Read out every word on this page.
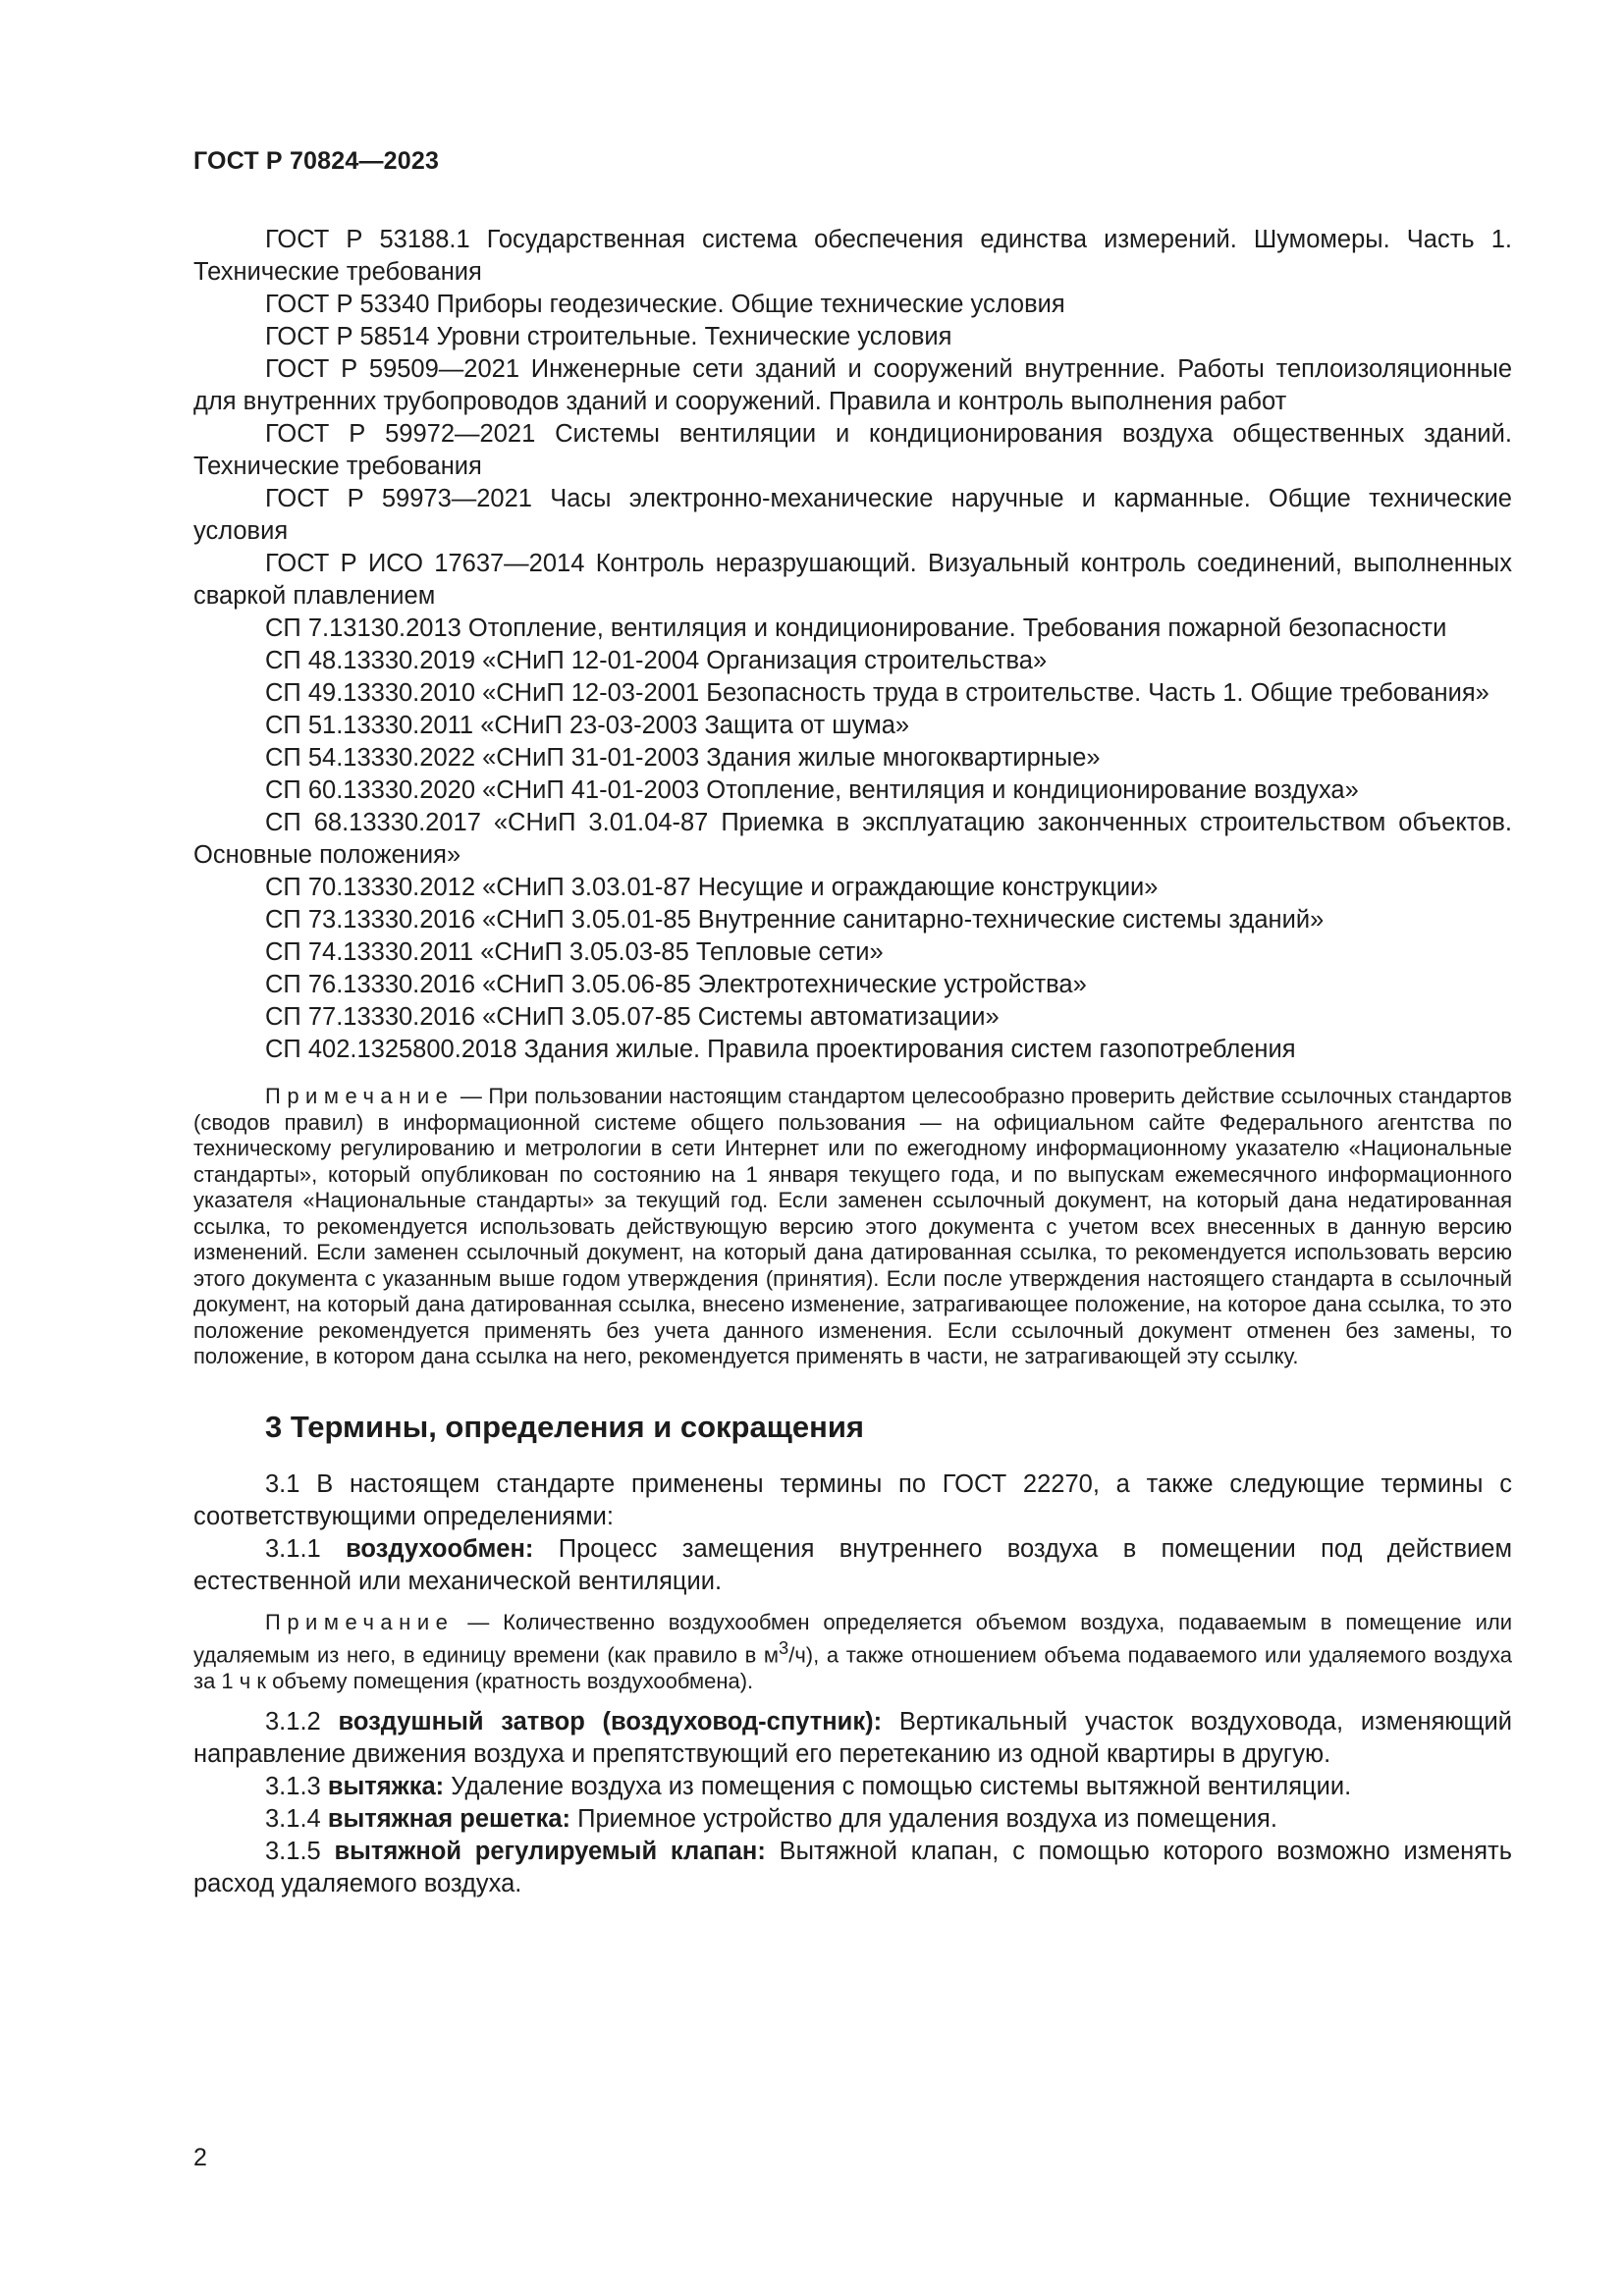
ГОСТ Р 70824—2023

ГОСТ Р 53188.1 Государственная система обеспечения единства измерений. Шумомеры. Часть 1. Технические требования

ГОСТ Р 53340 Приборы геодезические. Общие технические условия

ГОСТ Р 58514 Уровни строительные. Технические условия

ГОСТ Р 59509—2021 Инженерные сети зданий и сооружений внутренние. Работы теплоизоляционные для внутренних трубопроводов зданий и сооружений. Правила и контроль выполнения работ

ГОСТ Р 59972—2021 Системы вентиляции и кондиционирования воздуха общественных зданий. Технические требования

ГОСТ Р 59973—2021 Часы электронно-механические наручные и карманные. Общие технические условия

ГОСТ Р ИСО 17637—2014 Контроль неразрушающий. Визуальный контроль соединений, выполненных сваркой плавлением

СП 7.13130.2013 Отопление, вентиляция и кондиционирование. Требования пожарной безопасности

СП 48.13330.2019 «СНиП 12-01-2004 Организация строительства»

СП 49.13330.2010 «СНиП 12-03-2001 Безопасность труда в строительстве. Часть 1. Общие требования»

СП 51.13330.2011 «СНиП 23-03-2003 Защита от шума»

СП 54.13330.2022 «СНиП 31-01-2003 Здания жилые многоквартирные»

СП 60.13330.2020 «СНиП 41-01-2003 Отопление, вентиляция и кондиционирование воздуха»

СП 68.13330.2017 «СНиП 3.01.04-87 Приемка в эксплуатацию законченных строительством объектов. Основные положения»

СП 70.13330.2012 «СНиП 3.03.01-87 Несущие и ограждающие конструкции»

СП 73.13330.2016 «СНиП 3.05.01-85 Внутренние санитарно-технические системы зданий»

СП 74.13330.2011 «СНиП 3.05.03-85 Тепловые сети»

СП 76.13330.2016 «СНиП 3.05.06-85 Электротехнические устройства»

СП 77.13330.2016 «СНиП 3.05.07-85 Системы автоматизации»

СП 402.1325800.2018 Здания жилые. Правила проектирования систем газопотребления

Примечание — При пользовании настоящим стандартом целесообразно проверить действие ссылочных стандартов (сводов правил) в информационной системе общего пользования — на официальном сайте Федерального агентства по техническому регулированию и метрологии в сети Интернет или по ежегодному информационному указателю «Национальные стандарты», который опубликован по состоянию на 1 января текущего года, и по выпускам ежемесячного информационного указателя «Национальные стандарты» за текущий год. Если заменен ссылочный документ, на который дана недатированная ссылка, то рекомендуется использовать действующую версию этого документа с учетом всех внесенных в данную версию изменений. Если заменен ссылочный документ, на который дана датированная ссылка, то рекомендуется использовать версию этого документа с указанным выше годом утверждения (принятия). Если после утверждения настоящего стандарта в ссылочный документ, на который дана датированная ссылка, внесено изменение, затрагивающее положение, на которое дана ссылка, то это положение рекомендуется применять без учета данного изменения. Если ссылочный документ отменен без замены, то положение, в котором дана ссылка на него, рекомендуется применять в части, не затрагивающей эту ссылку.

3 Термины, определения и сокращения

3.1 В настоящем стандарте применены термины по ГОСТ 22270, а также следующие термины с соответствующими определениями:

3.1.1 воздухообмен: Процесс замещения внутреннего воздуха в помещении под действием естественной или механической вентиляции.

Примечание — Количественно воздухообмен определяется объемом воздуха, подаваемым в помещение или удаляемым из него, в единицу времени (как правило в $м^3/ч$), а также отношением объема подаваемого или удаляемого воздуха за 1 ч к объему помещения (кратность воздухообмена).

3.1.2 воздушный затвор (воздуховод-спутник): Вертикальный участок воздуховода, изменяющий направление движения воздуха и препятствующий его перетеканию из одной квартиры в другую.

3.1.3 вытяжка: Удаление воздуха из помещения с помощью системы вытяжной вентиляции.

3.1.4 вытяжная решетка: Приемное устройство для удаления воздуха из помещения.

3.1.5 вытяжной регулируемый клапан: Вытяжной клапан, с помощью которого возможно изменять расход удаляемого воздуха.

2
